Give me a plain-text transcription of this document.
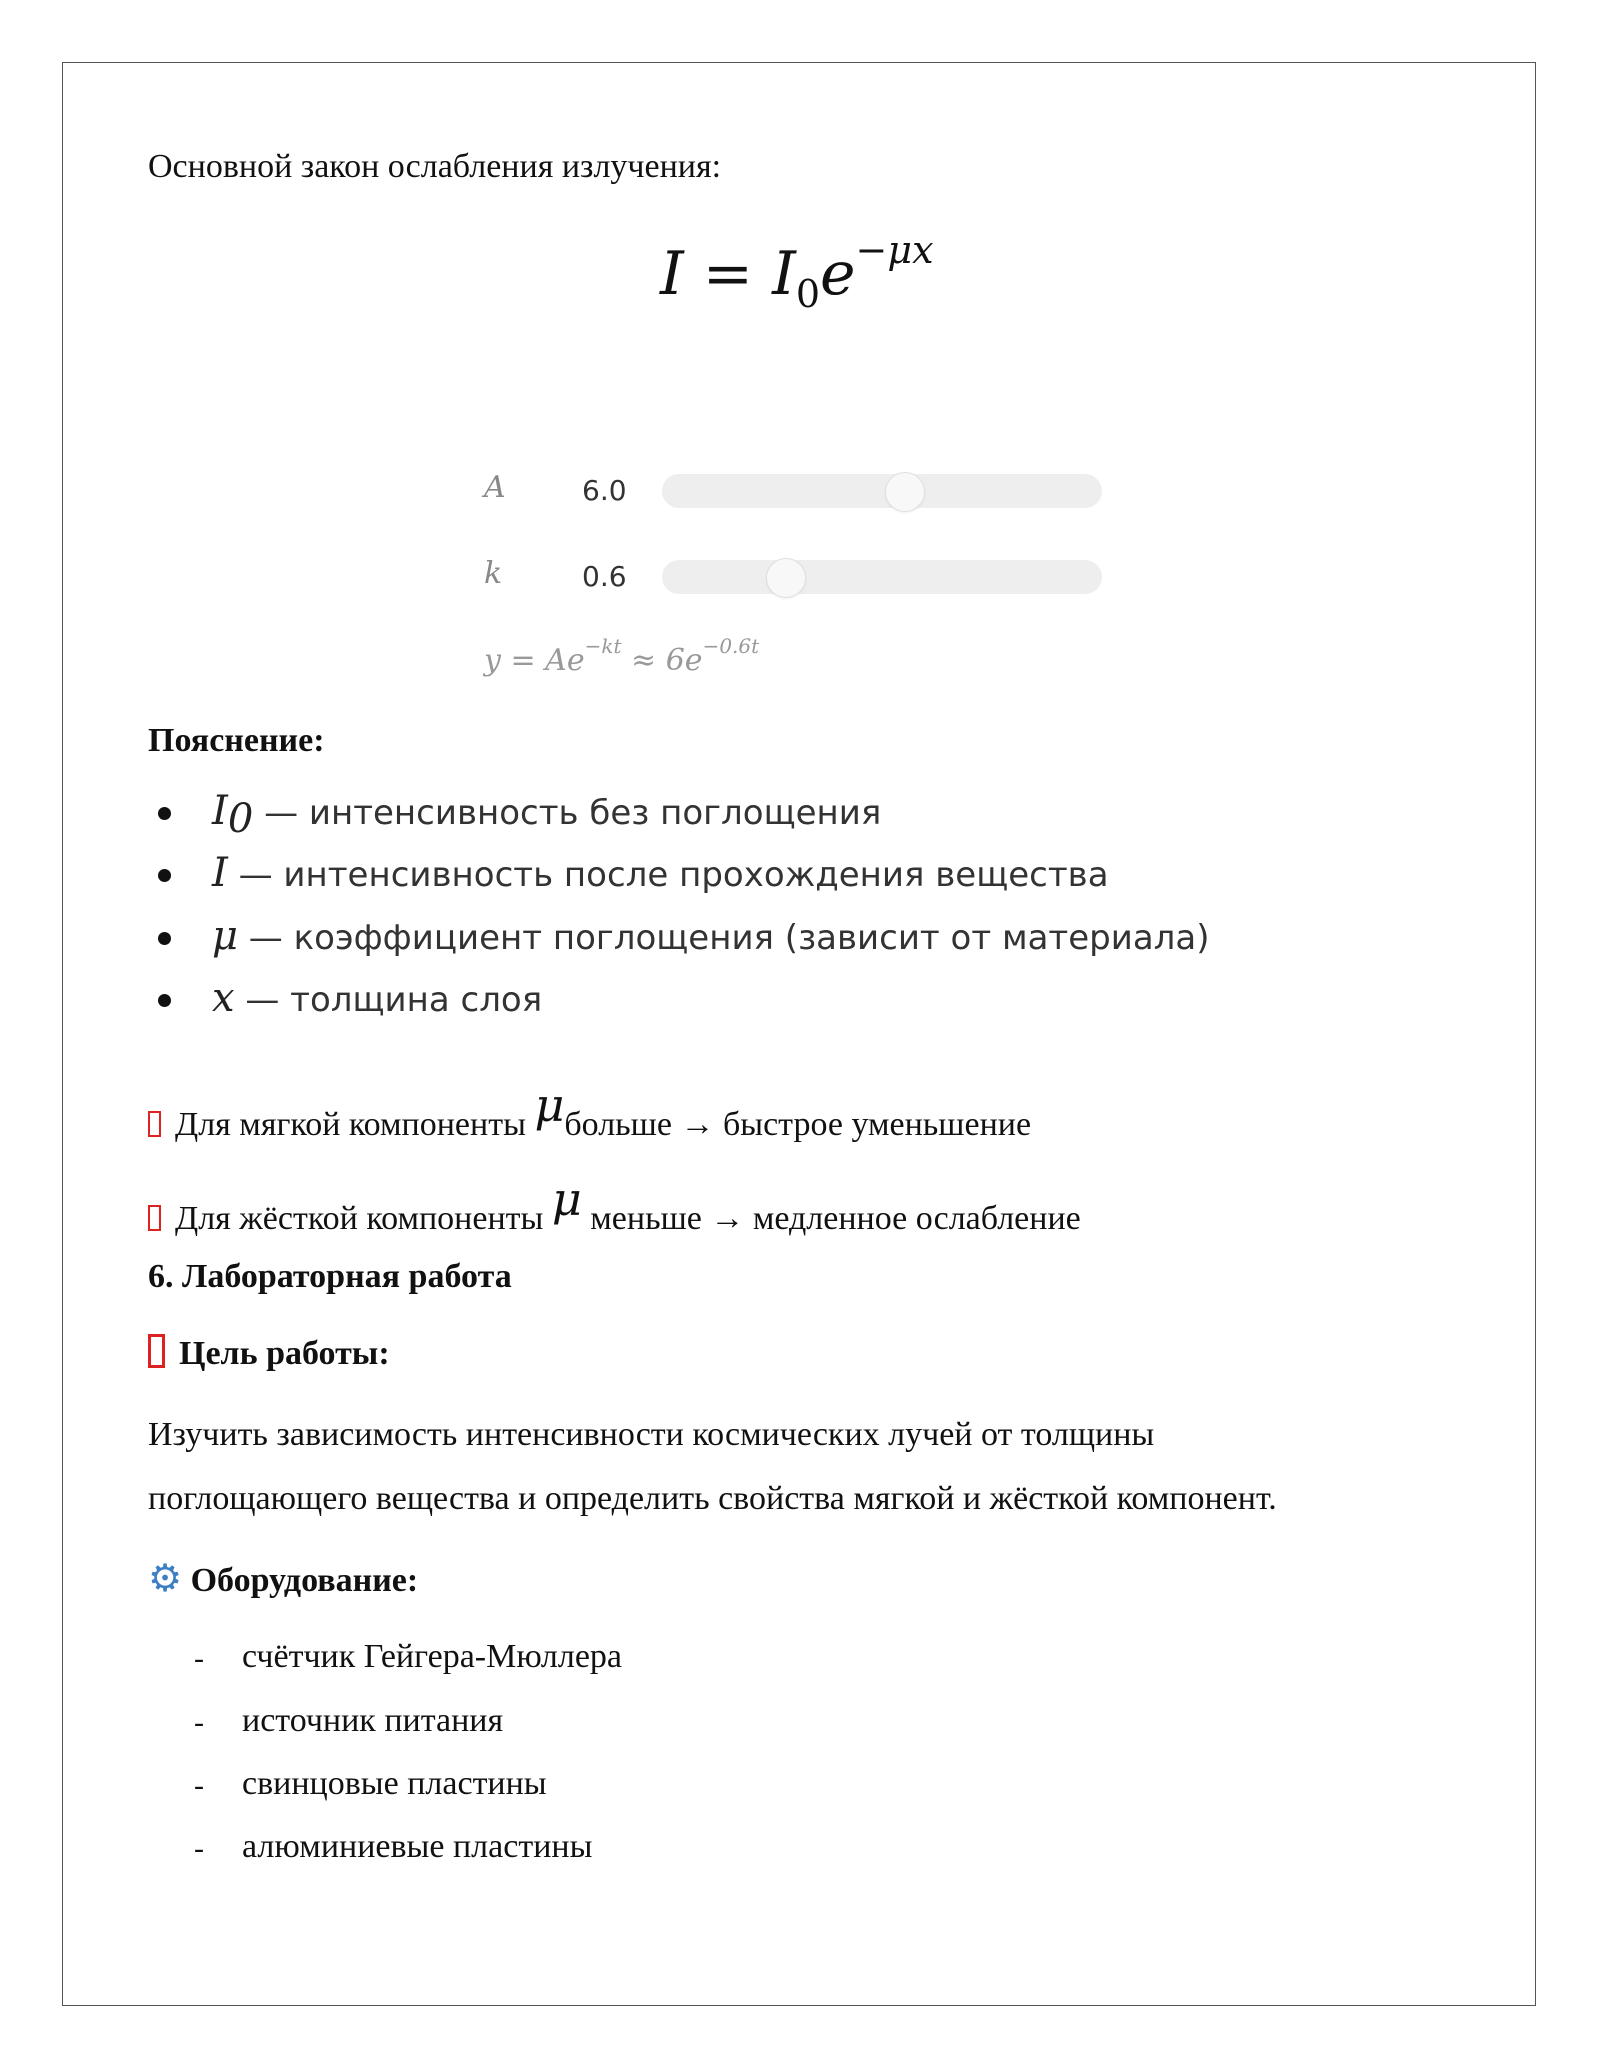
Основной закон ослабления излучения:
$I = I_0e^{-\mu x}$
A	6.0
k	0.6
$y = Ae^{-kt} \approx 6e^{-0.6t}$
Пояснение:
$I_0$ — интенсивность без поглощения
I — интенсивность после прохождения вещества
μ — коэффициент поглощения (зависит от материала)
x — толщина слоя
Для мягкой компоненты μбольше → быстрое уменьшение
Для жёсткой компоненты μ меньше → медленное ослабление
6. Лабораторная работа
Цель работы:
Изучить зависимость интенсивности космических лучей от толщины
поглощающего вещества и определить свойства мягкой и жёсткой компонент.
⚙ Оборудование:
- счётчик Гейгера-Мюллера
- источник питания
- свинцовые пластины
- алюминиевые пластины
